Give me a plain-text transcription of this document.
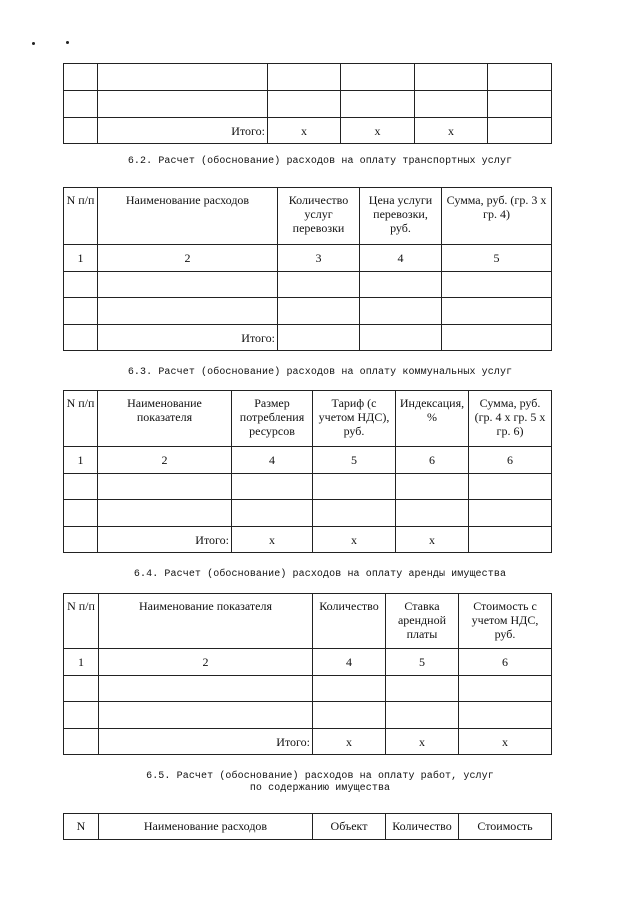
	Итого:	x	x	x	
6.2. Расчет (обоснование) расходов на оплату транспортных услуг
N п/п	Наименование расходов	Количество услуг перевозки	Цена услуги перевозки, руб.	Сумма, руб. (гр. 3 х гр. 4)
1	2	3	4	5

	Итого:			
6.3. Расчет (обоснование) расходов на оплату коммунальных услуг
N п/п	Наименование показателя	Размер потребления ресурсов	Тариф (с учетом НДС), руб.	Индексация, %	Сумма, руб. (гр. 4 х гр. 5 х гр. 6)
1	2	4	5	6	6

	Итого:	x	x	x	
6.4. Расчет (обоснование) расходов на оплату аренды имущества
N п/п	Наименование показателя	Количество	Ставка арендной платы	Стоимость с учетом НДС, руб.
1	2	4	5	6

	Итого:	x	x	x
6.5. Расчет (обоснование) расходов на оплату работ, услуг
по содержанию имущества
N	Наименование расходов	Объект	Количество	Стоимость
